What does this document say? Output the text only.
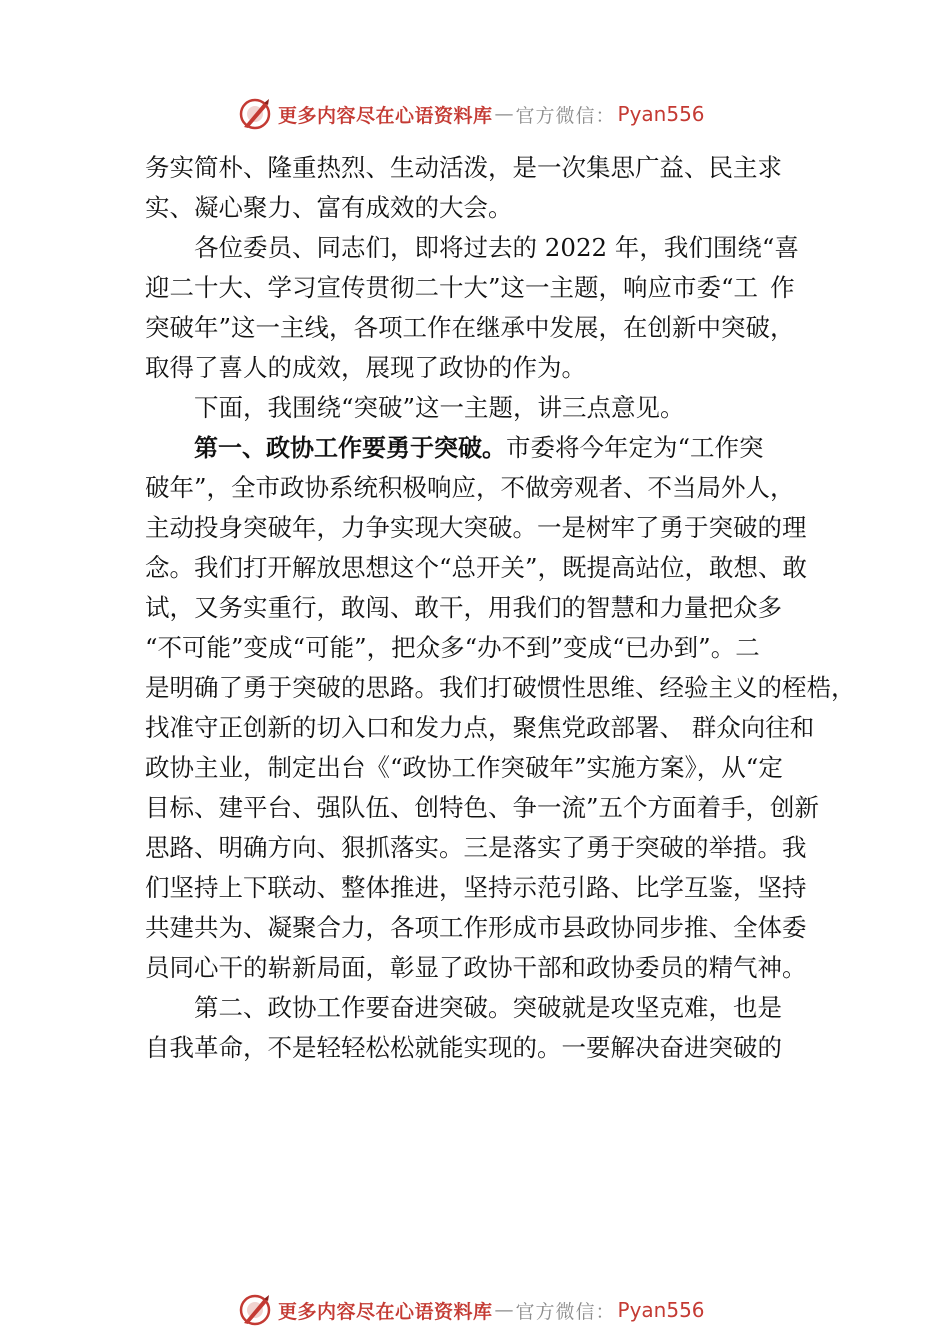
更多内容尽在心语资料库 — 官方微信： Pyan556
务实简朴、隆重热烈、生动活泼，是一次集思广益、民主求
实、凝心聚力、富有成效的大会。
各位委员、同志们，即将过去的 2022 年，我们围绕“喜
迎二十大、学习宣传贯彻二十大”这一主题，响应市委“工 作
突破年”这一主线，各项工作在继承中发展，在创新中突破，
取得了喜人的成效，展现了政协的作为。
下面，我围绕“突破”这一主题，讲三点意见。
第一、政协工作要勇于突破。市委将今年定为“工作突
破年”，全市政协系统积极响应，不做旁观者、不当局外人，
主动投身突破年，力争实现大突破。一是树牢了勇于突破的理
念。我们打开解放思想这个“总开关”，既提高站位，敢想、敢
试，又务实重行，敢闯、敢干，用我们的智慧和力量把众多
“不可能”变成“可能”，把众多“办不到”变成“已办到”。二
是明确了勇于突破的思路。我们打破惯性思维、经验主义的桎梏，
找准守正创新的切入口和发力点，聚焦党政部署、 群众向往和
政协主业，制定出台《“政协工作突破年”实施方案》，从“定
目标、建平台、强队伍、创特色、争一流”五个方面着手，创新
思路、明确方向、狠抓落实。三是落实了勇于突破的举措。我
们坚持上下联动、整体推进，坚持示范引路、比学互鉴，坚持
共建共为、凝聚合力，各项工作形成市县政协同步推、全体委
员同心干的崭新局面，彰显了政协干部和政协委员的精气神。
第二、政协工作要奋进突破。突破就是攻坚克难，也是
自我革命，不是轻轻松松就能实现的。一要解决奋进突破的
更多内容尽在心语资料库 — 官方微信： Pyan556
